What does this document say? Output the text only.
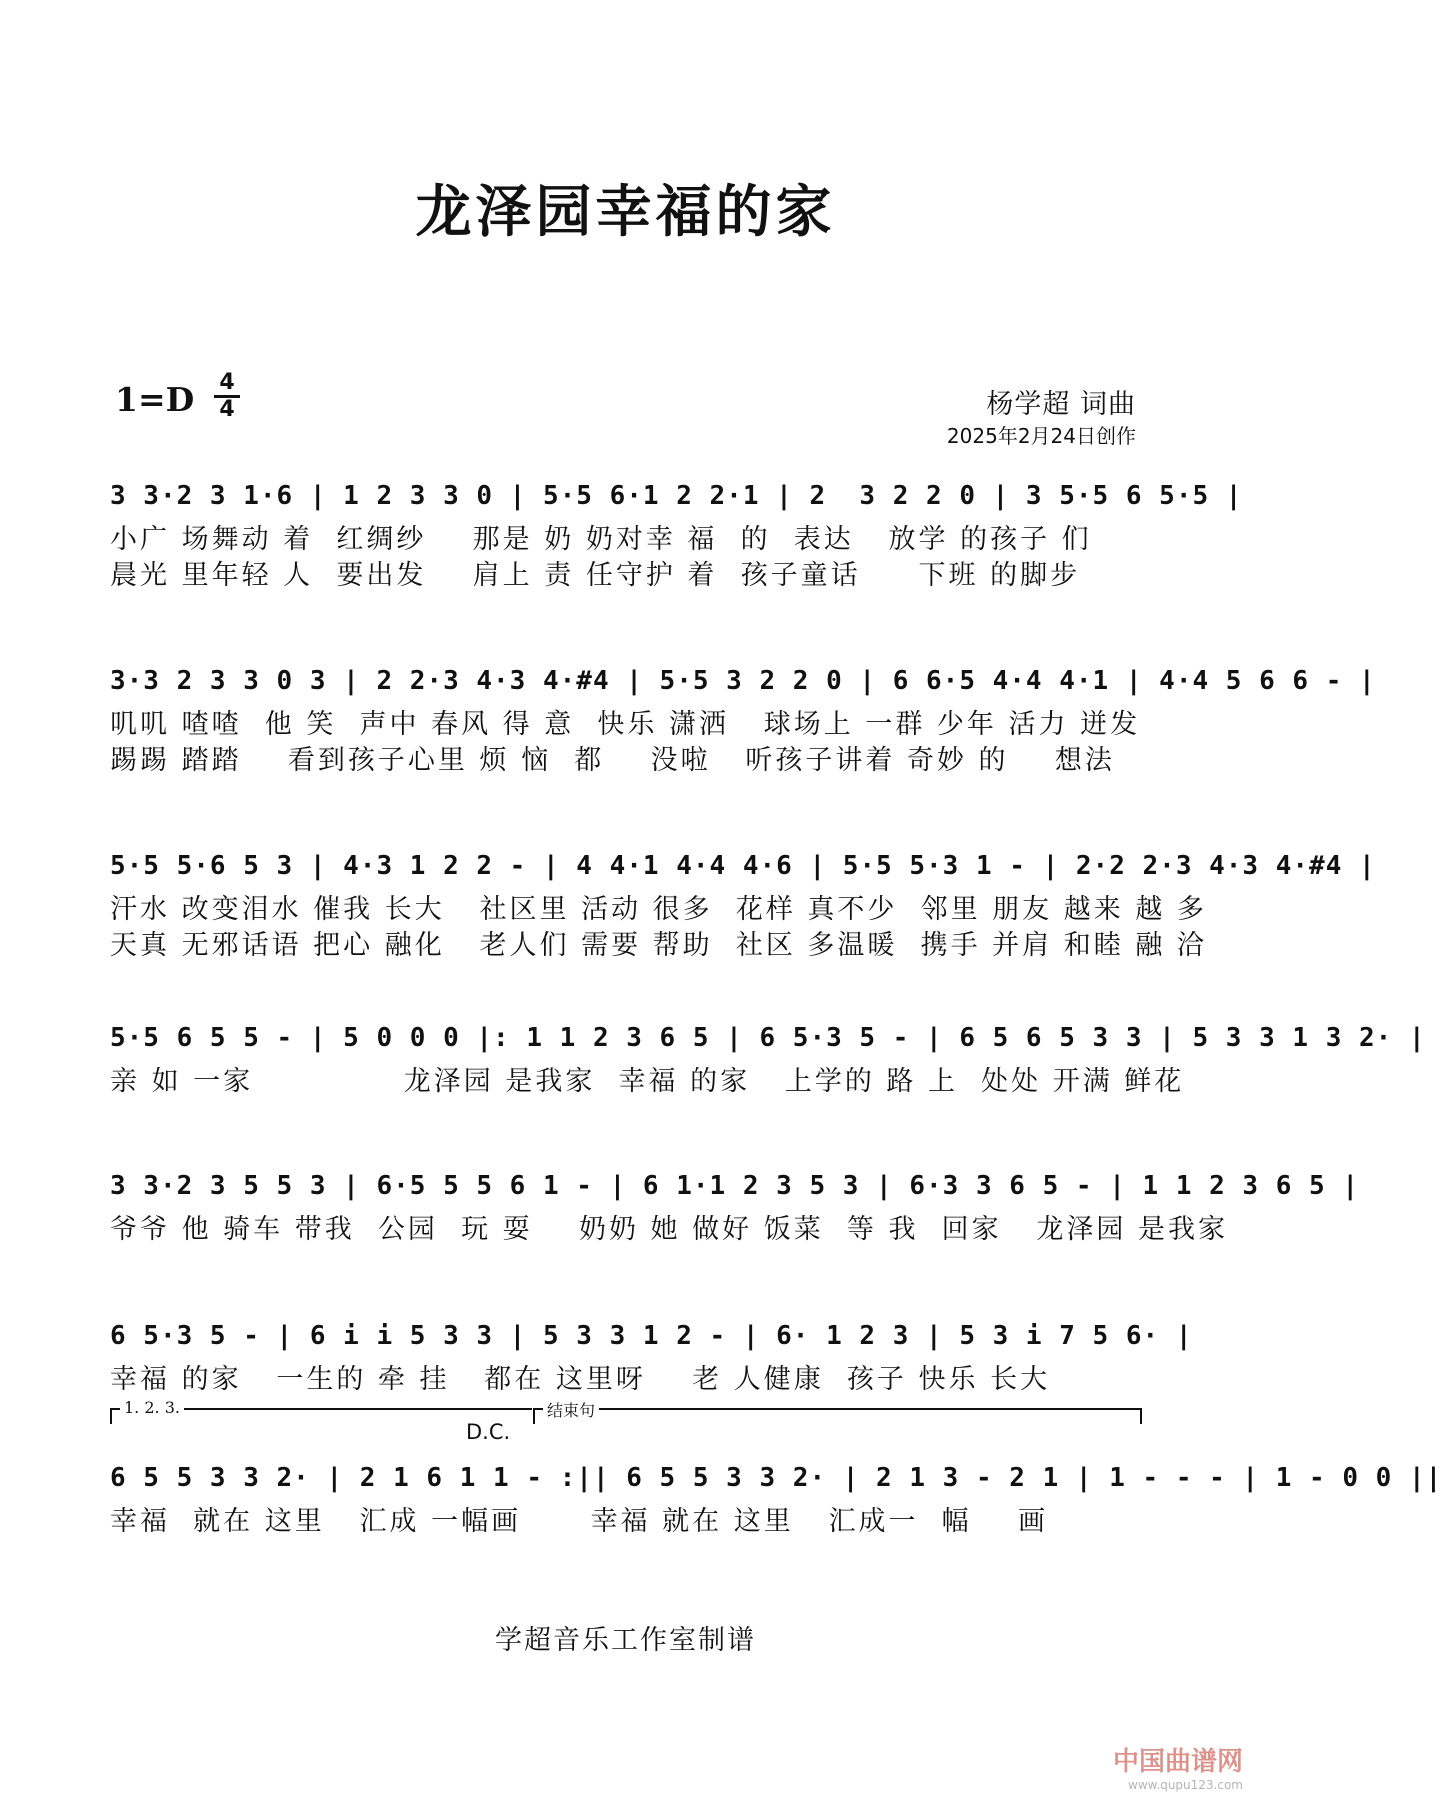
龙泽园幸福的家
1=D	4
4	杨学超 词曲
2025年2月24日创作
3 3·2 3 1·6 | 1 2 3 3 0 | 5·5 6·1 2 2·1 | 2  3 2 2 0 | 3 5·5 6 5·5 |
小广 场舞动 着  红绸纱    那是 奶 奶对幸 福  的  表达   放学 的孩子 们
晨光 里年轻 人  要出发    肩上 责 任守护 着  孩子童话     下班 的脚步
3·3 2 3 3 0 3 | 2 2·3 4·3 4·#4 | 5·5 3 2 2 0 | 6 6·5 4·4 4·1 | 4·4 5 6 6 - |
叽叽 喳喳  他 笑  声中 春风 得 意  快乐 潇洒   球场上 一群 少年 活力 迸发
踢踢 踏踏    看到孩子心里 烦 恼  都    没啦   听孩子讲着 奇妙 的    想法
5·5 5·6 5 3 | 4·3 1 2 2 - | 4 4·1 4·4 4·6 | 5·5 5·3 1 - | 2·2 2·3 4·3 4·#4 |
汗水 改变泪水 催我 长大   社区里 活动 很多  花样 真不少  邻里 朋友 越来 越 多
天真 无邪话语 把心 融化   老人们 需要 帮助  社区 多温暖  携手 并肩 和睦 融 洽
5·5 6 5 5 - | 5 0 0 0 |: 1 1 2 3 6 5 | 6 5·3 5 - | 6 5 6 5 3 3 | 5 3 3 1 3 2· |
亲 如 一家             龙泽园 是我家  幸福 的家   上学的 路 上  处处 开满 鲜花
3 3·2 3 5 5 3 | 6·5 5 5 6 1 - | 6 1·1 2 3 5 3 | 6·3 3 6 5 - | 1 1 2 3 6 5 |
爷爷 他 骑车 带我  公园  玩 耍    奶奶 她 做好 饭菜  等 我  回家   龙泽园 是我家
6 5·3 5 - | 6 i i 5 3 3 | 5 3 3 1 2 - | 6· 1 2 3 | 5 3 i 7 5 6· |
幸福 的家   一生的 牵 挂   都在 这里呀    老 人健康  孩子 快乐 长大
1. 2. 3.	结束句
D.C.
6 5 5 3 3 2· | 2 1 6 1 1 - :|| 6 5 5 3 3 2· | 2 1 3 - 2 1 | 1 - - - | 1 - 0 0 ||
幸福  就在 这里   汇成 一幅画      幸福 就在 这里   汇成一  幅    画
学超音乐工作室制谱
中国曲谱网
www.qupu123.com
